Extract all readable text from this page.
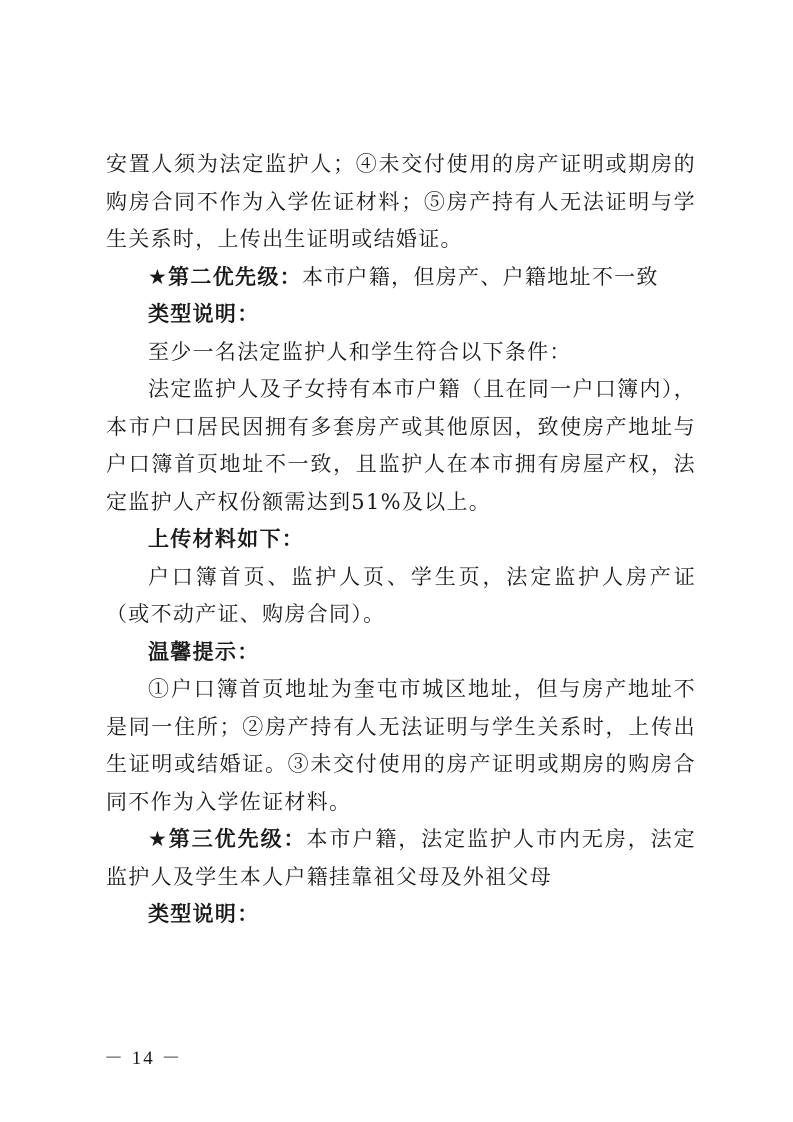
安置人须为法定监护人；④未交付使用的房产证明或期房的购房合同不作为入学佐证材料；⑤房产持有人无法证明与学生关系时，上传出生证明或结婚证。

★第二优先级：本市户籍，但房产、户籍地址不一致

类型说明：

至少一名法定监护人和学生符合以下条件：

法定监护人及子女持有本市户籍（且在同一户口簿内），本市户口居民因拥有多套房产或其他原因，致使房产地址与户口簿首页地址不一致，且监护人在本市拥有房屋产权，法定监护人产权份额需达到51%及以上。

上传材料如下：

户口簿首页、监护人页、学生页，法定监护人房产证（或不动产证、购房合同）。

温馨提示：

①户口簿首页地址为奎屯市城区地址，但与房产地址不是同一住所；②房产持有人无法证明与学生关系时，上传出生证明或结婚证。③未交付使用的房产证明或期房的购房合同不作为入学佐证材料。

★第三优先级：本市户籍，法定监护人市内无房，法定监护人及学生本人户籍挂靠祖父母及外祖父母

类型说明：

－ 14 －
